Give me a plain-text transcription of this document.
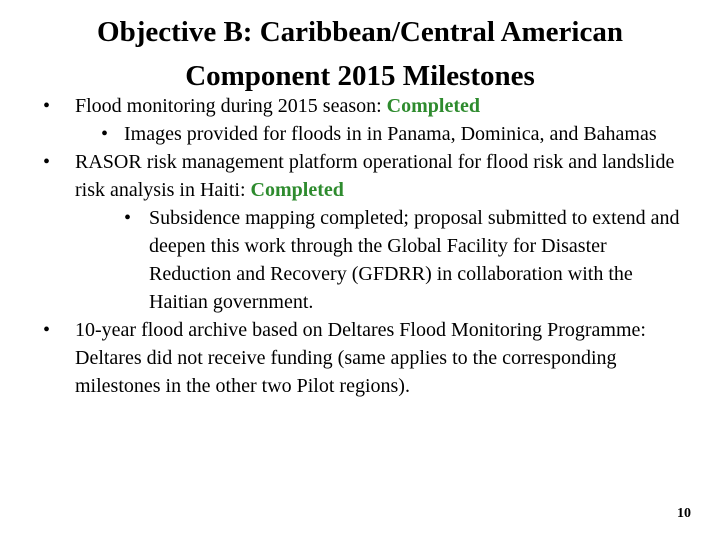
Objective B: Caribbean/Central American
Component 2015 Milestones

• Flood monitoring during 2015 season: Completed

• Images provided for floods in in Panama, Dominica, and Bahamas

• RASOR risk management platform operational for flood risk and landslide risk analysis in Haiti: Completed

• Subsidence mapping completed; proposal submitted to extend and deepen this work through the Global Facility for Disaster Reduction and Recovery (GFDRR) in collaboration with the Haitian government.

• 10-year flood archive based on Deltares Flood Monitoring Programme: Deltares did not receive funding (same applies to the corresponding milestones in the other two Pilot regions).

10
